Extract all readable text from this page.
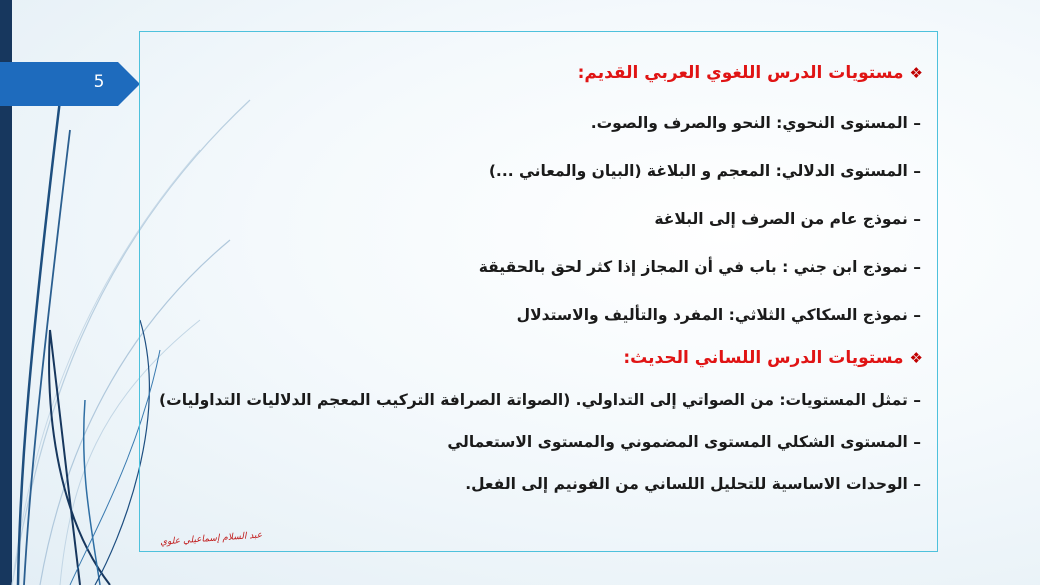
5	❖مستويات الدرس اللغوي العربي القديم:
– المستوى النحوي: النحو والصرف والصوت.
– المستوى الدلالي: المعجم و البلاغة (البيان والمعاني ...)
– نموذج عام من الصرف إلى البلاغة
– نموذج ابن جني : باب في أن المجاز إذا كثر لحق بالحقيقة
– نموذج السكاكي الثلاثي: المفرد والتأليف والاستدلال
❖مستويات الدرس اللساني الحديث:
– تمثل المستويات: من الصواتي إلى التداولي. (الصواتة الصرافة التركيب المعجم الدلاليات التداوليات)
– المستوى الشكلي المستوى المضموني والمستوى الاستعمالي
– الوحدات الاساسية للتحليل اللساني من الفونيم إلى الفعل.
عبد السلام إسماعيلي علوي
